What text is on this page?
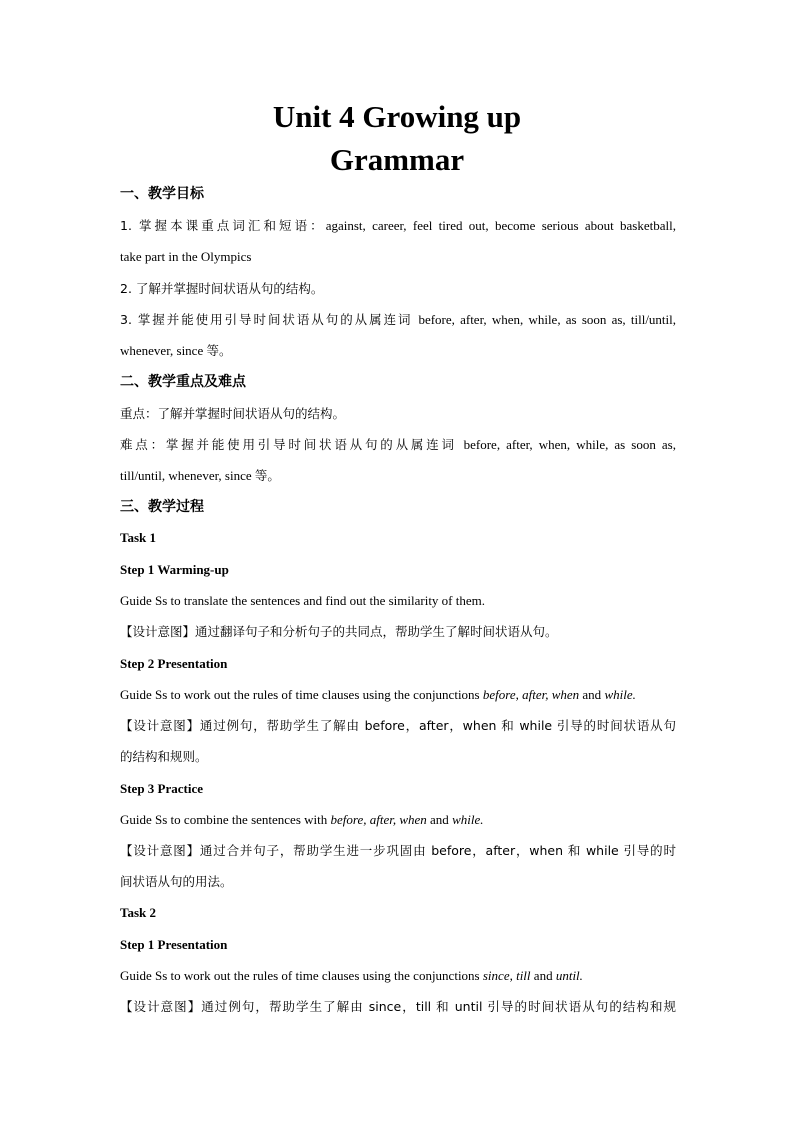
Unit 4 Growing up
Grammar
一、教学目标
1. 掌握本课重点词汇和短语：against, career, feel tired out, become serious about basketball,
take part in the Olympics
2. 了解并掌握时间状语从句的结构。
3. 掌握并能使用引导时间状语从句的从属连词 before, after, when, while, as soon as, till/until,
whenever, since 等。
二、教学重点及难点
重点：了解并掌握时间状语从句的结构。
难点：掌握并能使用引导时间状语从句的从属连词 before, after, when, while, as soon as,
till/until, whenever, since 等。
三、教学过程
Task 1
Step 1 Warming-up
Guide Ss to translate the sentences and find out the similarity of them.
【设计意图】通过翻译句子和分析句子的共同点，帮助学生了解时间状语从句。
Step 2 Presentation
Guide Ss to work out the rules of time clauses using the conjunctions before, after, when and while.
【设计意图】通过例句，帮助学生了解由 before，after，when 和 while 引导的时间状语从句
的结构和规则。
Step 3 Practice
Guide Ss to combine the sentences with before, after, when and while.
【设计意图】通过合并句子，帮助学生进一步巩固由 before，after，when 和 while 引导的时
间状语从句的用法。
Task 2
Step 1 Presentation
Guide Ss to work out the rules of time clauses using the conjunctions since, till and until.
【设计意图】通过例句，帮助学生了解由 since，till 和 until 引导的时间状语从句的结构和规
